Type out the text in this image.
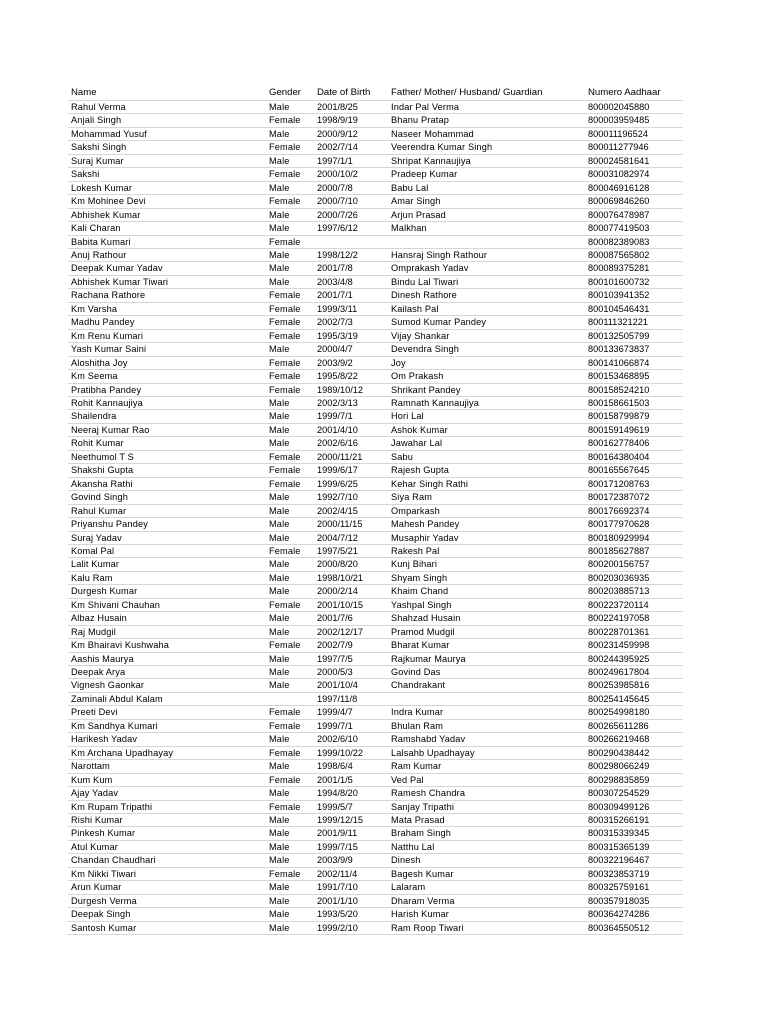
Name	Gender	Date of Birth	Father/ Mother/ Husband/ Guardian	Numero Aadhaar
Rahul Verma	Male	2001/8/25	Indar Pal Verma	800002045880
Anjali Singh	Female	1998/9/19	Bhanu Pratap	800003959485
Mohammad Yusuf	Male	2000/9/12	Naseer Mohammad	800011196524
Sakshi Singh	Female	2002/7/14	Veerendra Kumar Singh	800011277946
Suraj Kumar	Male	1997/1/1	Shripat Kannaujiya	800024581641
Sakshi	Female	2000/10/2	Pradeep Kumar	800031082974
Lokesh Kumar	Male	2000/7/8	Babu Lal	800046916128
Km Mohinee Devi	Female	2000/7/10	Amar Singh	800069846260
Abhishek Kumar	Male	2000/7/26	Arjun Prasad	800076478987
Kali Charan	Male	1997/6/12	Malkhan	800077419503
Babita Kumari	Female			800082389083
Anuj Rathour	Male	1998/12/2	Hansraj Singh Rathour	800087565802
Deepak Kumar Yadav	Male	2001/7/8	Omprakash Yadav	800089375281
Abhishek Kumar Tiwari	Male	2003/4/8	Bindu Lal Tiwari	800101600732
Rachana Rathore	Female	2001/7/1	Dinesh Rathore	800103941352
Km Varsha	Female	1999/3/11	Kailash Pal	800104546431
Madhu Pandey	Female	2002/7/3	Sumod Kumar Pandey	800111321221
Km Renu Kumari	Female	1995/3/19	Vijay Shankar	800132505799
Yash Kumar Saini	Male	2000/4/7	Devendra Singh	800133673837
Aloshitha Joy	Female	2003/9/2	Joy	800141066874
Km Seema	Female	1995/8/22	Om Prakash	800153468895
Pratibha Pandey	Female	1989/10/12	Shrikant Pandey	800158524210
Rohit Kannaujiya	Male	2002/3/13	Ramnath Kannaujiya	800158661503
Shailendra	Male	1999/7/1	Hori Lal	800158799879
Neeraj Kumar Rao	Male	2001/4/10	Ashok Kumar	800159149619
Rohit Kumar	Male	2002/6/16	Jawahar Lal	800162778406
Neethumol T S	Female	2000/11/21	Sabu	800164380404
Shakshi Gupta	Female	1999/6/17	Rajesh Gupta	800165567645
Akansha Rathi	Female	1999/6/25	Kehar Singh Rathi	800171208763
Govind Singh	Male	1992/7/10	Siya Ram	800172387072
Rahul Kumar	Male	2002/4/15	Omparkash	800176692374
Priyanshu Pandey	Male	2000/11/15	Mahesh Pandey	800177970628
Suraj Yadav	Male	2004/7/12	Musaphir Yadav	800180929994
Komal Pal	Female	1997/5/21	Rakesh Pal	800185627887
Lalit Kumar	Male	2000/8/20	Kunj Bihari	800200156757
Kalu Ram	Male	1998/10/21	Shyam Singh	800203036935
Durgesh Kumar	Male	2000/2/14	Khaim Chand	800203885713
Km Shivani Chauhan	Female	2001/10/15	Yashpal Singh	800223720114
Albaz Husain	Male	2001/7/6	Shahzad Husain	800224197058
Raj Mudgil	Male	2002/12/17	Pramod Mudgil	800228701361
Km Bhairavi Kushwaha	Female	2002/7/9	Bharat Kumar	800231459998
Aashis Maurya	Male	1997/7/5	Rajkumar Maurya	800244395925
Deepak Arya	Male	2000/5/3	Govind Das	800249617804
Vignesh Gaonkar	Male	2001/10/4	Chandrakant	800253985816
Zaminali Abdul Kalam		1997/11/8		800254145645
Preeti Devi	Female	1999/4/7	Indra Kumar	800254998180
Km Sandhya Kumari	Female	1999/7/1	Bhulan Ram	800265611286
Harikesh Yadav	Male	2002/6/10	Ramshabd Yadav	800266219468
Km Archana Upadhayay	Female	1999/10/22	Lalsahb Upadhayay	800290438442
Narottam	Male	1998/6/4	Ram Kumar	800298066249
Kum Kum	Female	2001/1/5	Ved Pal	800298835859
Ajay Yadav	Male	1994/8/20	Ramesh Chandra	800307254529
Km Rupam Tripathi	Female	1999/5/7	Sanjay Tripathi	800309499126
Rishi Kumar	Male	1999/12/15	Mata Prasad	800315266191
Pinkesh Kumar	Male	2001/9/11	Braham Singh	800315339345
Atul Kumar	Male	1999/7/15	Natthu Lal	800315365139
Chandan Chaudhari	Male	2003/9/9	Dinesh	800322196467
Km Nikki Tiwari	Female	2002/11/4	Bagesh Kumar	800323853719
Arun Kumar	Male	1991/7/10	Lalaram	800325759161
Durgesh Verma	Male	2001/1/10	Dharam Verma	800357918035
Deepak Singh	Male	1993/5/20	Harish Kumar	800364274286
Santosh Kumar	Male	1999/2/10	Ram Roop Tiwari	800364550512
